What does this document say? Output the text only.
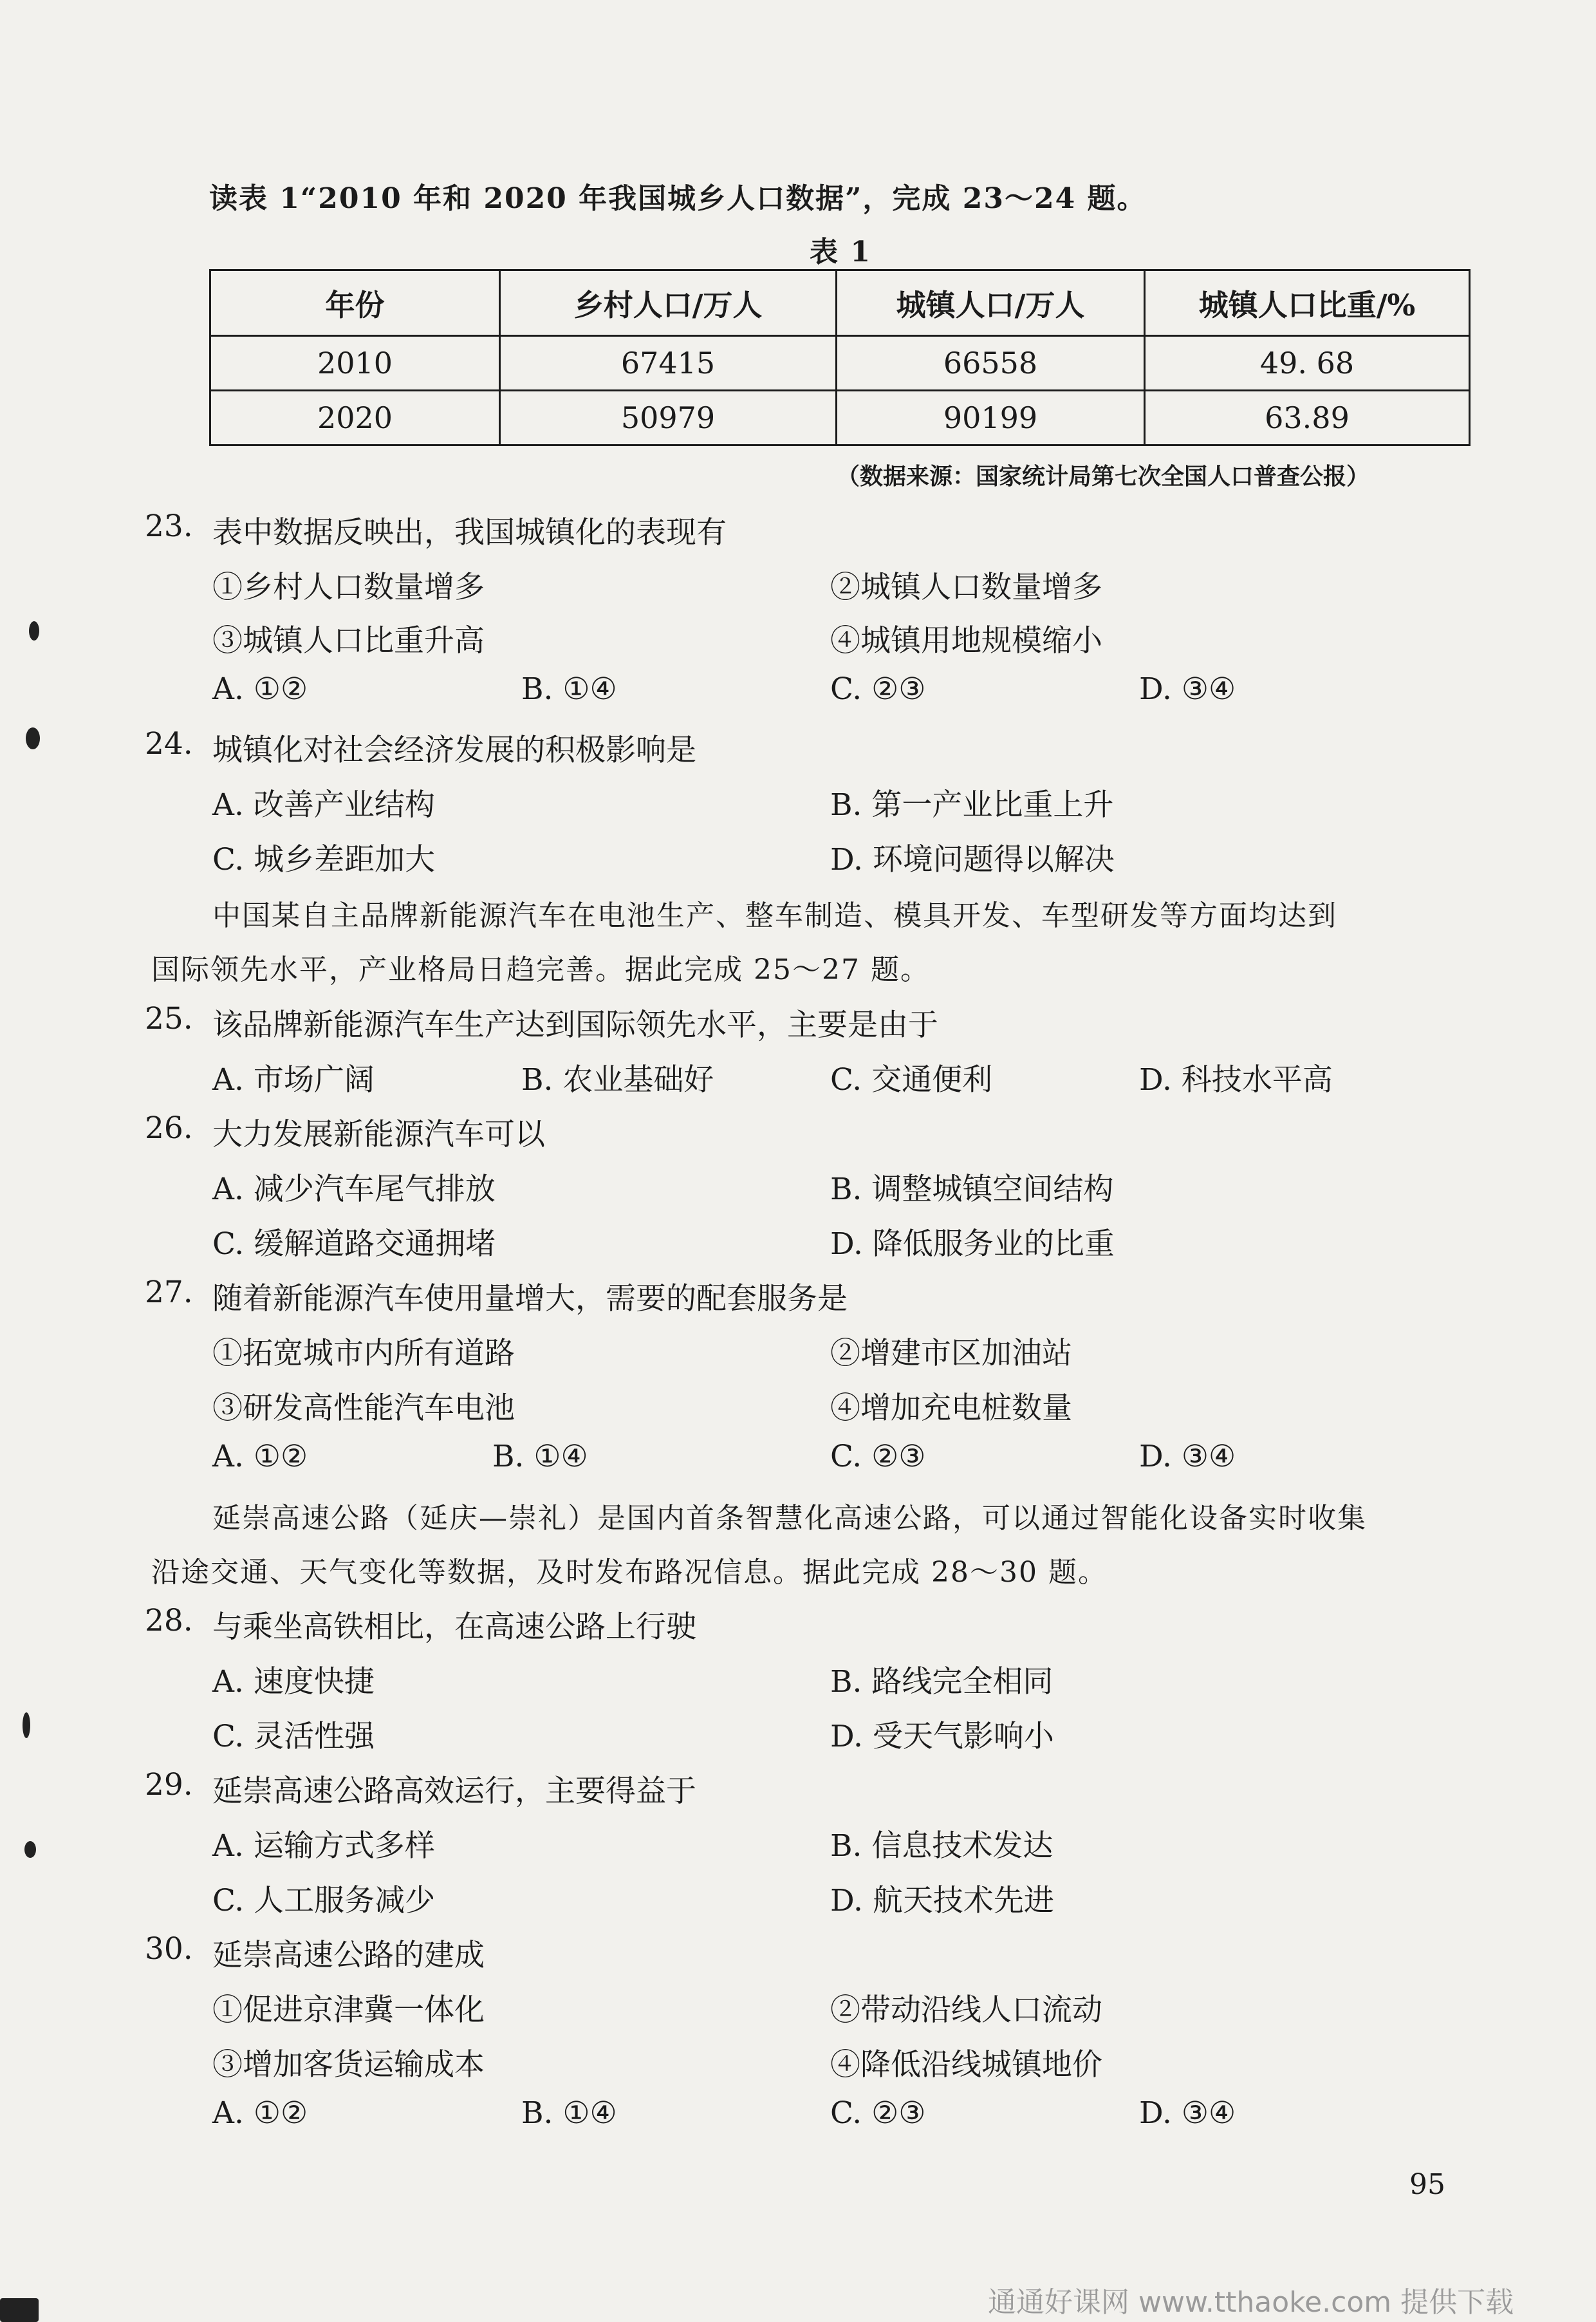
读表 1“2010 年和 2020 年我国城乡人口数据”，完成 23～24 题。
表 1
年份	乡村人口/万人	城镇人口/万人	城镇人口比重/%
2010	67415	66558	49. 68
2020	50979	90199	63.89
（数据来源：国家统计局第七次全国人口普查公报）
23. 表中数据反映出，我国城镇化的表现有
①乡村人口数量增多	②城镇人口数量增多
③城镇人口比重升高	④城镇用地规模缩小
A. ①②	B. ①④	C. ②③	D. ③④
24. 城镇化对社会经济发展的积极影响是
A. 改善产业结构	B. 第一产业比重上升
C. 城乡差距加大	D. 环境问题得以解决
中国某自主品牌新能源汽车在电池生产、整车制造、模具开发、车型研发等方面均达到
国际领先水平，产业格局日趋完善。据此完成 25～27 题。
25. 该品牌新能源汽车生产达到国际领先水平，主要是由于
A. 市场广阔	B. 农业基础好	C. 交通便利	D. 科技水平高
26. 大力发展新能源汽车可以
A. 减少汽车尾气排放	B. 调整城镇空间结构
C. 缓解道路交通拥堵	D. 降低服务业的比重
27. 随着新能源汽车使用量增大，需要的配套服务是
①拓宽城市内所有道路	②增建市区加油站
③研发高性能汽车电池	④增加充电桩数量
A. ①②	B. ①④	C. ②③	D. ③④
延崇高速公路（延庆—崇礼）是国内首条智慧化高速公路，可以通过智能化设备实时收集
沿途交通、天气变化等数据，及时发布路况信息。据此完成 28～30 题。
28. 与乘坐高铁相比，在高速公路上行驶
A. 速度快捷	B. 路线完全相同
C. 灵活性强	D. 受天气影响小
29. 延崇高速公路高效运行，主要得益于
A. 运输方式多样	B. 信息技术发达
C. 人工服务减少	D. 航天技术先进
30. 延崇高速公路的建成
①促进京津冀一体化	②带动沿线人口流动
③增加客货运输成本	④降低沿线城镇地价
A. ①②	B. ①④	C. ②③	D. ③④
95
通通好课网 www.tthaoke.com 提供下载
